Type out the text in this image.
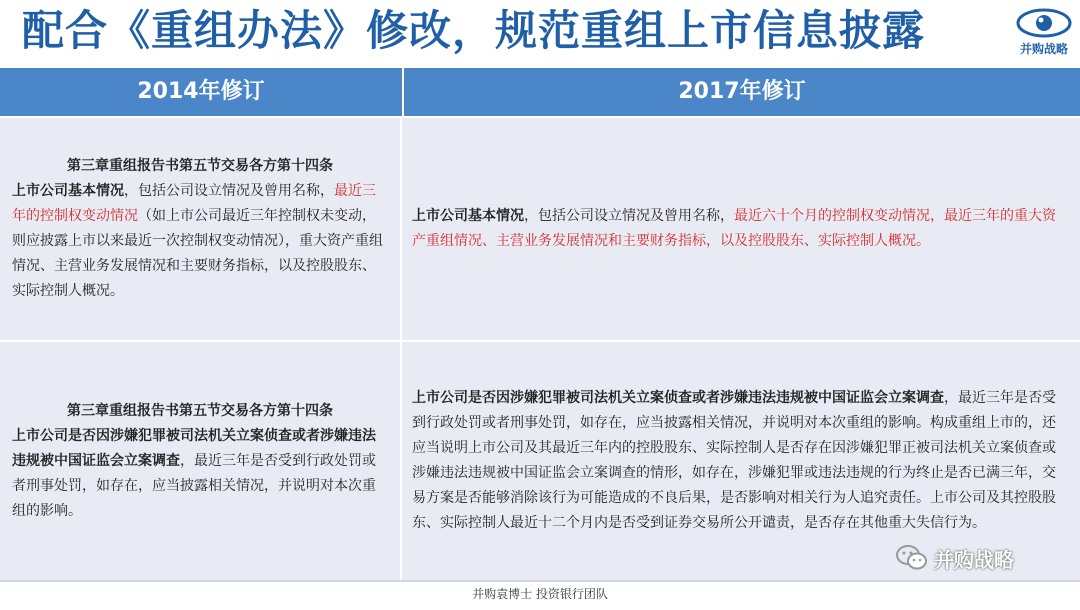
配合《重组办法》修改，规范重组上市信息披露	并购战略
2014年修订	2017年修订

第三章重组报告书第五节交易各方第十四条

上市公司基本情况，包括公司设立情况及曾用名称，最近三年的控制权变动情况（如上市公司最近三年控制权未变动，则应披露上市以来最近一次控制权变动情况），重大资产重组情况、主营业务发展情况和主要财务指标，以及控股股东、实际控制人概况。

上市公司基本情况，包括公司设立情况及曾用名称，最近六十个月的控制权变动情况，最近三年的重大资产重组情况、主营业务发展情况和主要财务指标，以及控股股东、实际控制人概况。

第三章重组报告书第五节交易各方第十四条

上市公司是否因涉嫌犯罪被司法机关立案侦查或者涉嫌违法违规被中国证监会立案调查，最近三年是否受到行政处罚或者刑事处罚，如存在，应当披露相关情况，并说明对本次重组的影响。

上市公司是否因涉嫌犯罪被司法机关立案侦查或者涉嫌违法违规被中国证监会立案调查，最近三年是否受到行政处罚或者刑事处罚，如存在，应当披露相关情况，并说明对本次重组的影响。构成重组上市的，还应当说明上市公司及其最近三年内的控股股东、实际控制人是否存在因涉嫌犯罪正被司法机关立案侦查或涉嫌违法违规被中国证监会立案调查的情形，如存在，涉嫌犯罪或违法违规的行为终止是否已满三年，交易方案是否能够消除该行为可能造成的不良后果，是否影响对相关行为人追究责任。上市公司及其控股股东、实际控制人最近十二个月内是否受到证券交易所公开谴责，是否存在其他重大失信行为。

并购战略
并购袁博士 投资银行团队
